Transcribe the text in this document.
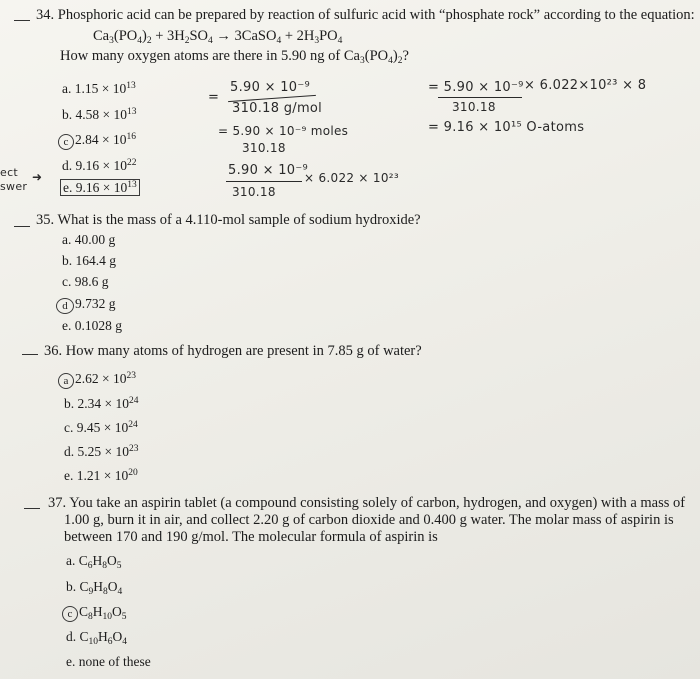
34. Phosphoric acid can be prepared by reaction of sulfuric acid with “phosphate rock” according to the equation:
$Ca_3(PO_4)_2 + 3H_2SO_4$ → 3CaSO$_4$ + $2H_3PO_4$
How many oxygen atoms are there in 5.90 ng of $Ca_3(PO_4)_2$?
a. $1.15 \times 10^{13}$
b. $4.58 \times 10^{13}$
c $2.84 \times 10^{16}$
d. $9.16 \times 10^{22}$
e. $9.16 \times 10^{13}$
ect
swer
➜
=
5.90 × 10⁻⁹
310.18 g/mol
= 5.90 × 10⁻⁹ moles
310.18
5.90 × 10⁻⁹
× 6.022 × 10²³
310.18
= 5.90 × 10⁻⁹ × 6.022×10²³ × 8
310.18
= 9.16 × 10¹⁵ O-atoms
35. What is the mass of a 4.110-mol sample of sodium hydroxide?
a. 40.00 g
b. 164.4 g
c. 98.6 g
d 9.732 g
e. 0.1028 g
36. How many atoms of hydrogen are present in 7.85 g of water?
a $2.62 \times 10^{23}$
b. $2.34 \times 10^{24}$
c. $9.45 \times 10^{24}$
d. $5.25 \times 10^{23}$
e. $1.21 \times 10^{20}$
37. You take an aspirin tablet (a compound consisting solely of carbon, hydrogen, and oxygen) with a mass of
1.00 g, burn it in air, and collect 2.20 g of carbon dioxide and 0.400 g water. The molar mass of aspirin is
between 170 and 190 g/mol. The molecular formula of aspirin is
a. $C_6H_8O_5$
b. $C_9H_8O_4$
c $C_8H_{10}O_5$
d. $C_{10}H_6O_4$
e. none of these
